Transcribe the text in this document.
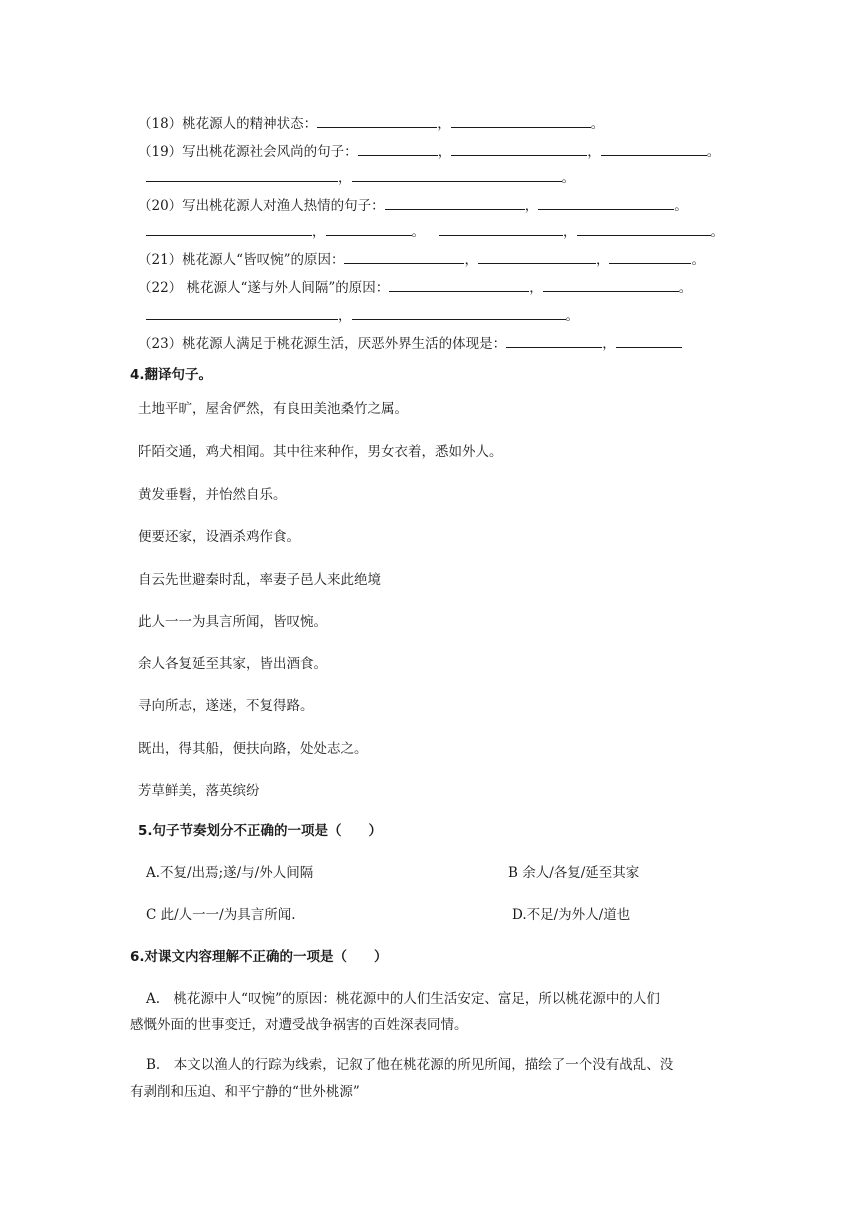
（18）桃花源人的精神状态：	，	。
（19）写出桃花源社会风尚的句子：	，	，	。
，	。
（20）写出桃花源人对渔人热情的句子：	，	。
，	。	，	。
（21）桃花源人“皆叹惋”的原因：	，	，	。
（22） 桃花源人“遂与外人间隔”的原因：	，	。
，	。
（23）桃花源人满足于桃花源生活，厌恶外界生活的体现是：	，
4.翻译句子。
土地平旷，屋舍俨然，有良田美池桑竹之属。
阡陌交通，鸡犬相闻。其中往来种作，男女衣着，悉如外人。
黄发垂髫，并怡然自乐。
便要还家，设酒杀鸡作食。
自云先世避秦时乱，率妻子邑人来此绝境
此人一一为具言所闻，皆叹惋。
余人各复延至其家，皆出酒食。
寻向所志，遂迷，不复得路。
既出，得其船，便扶向路，处处志之。
芳草鲜美，落英缤纷
5.句子节奏划分不正确的一项是（　　）
A.不复/出焉;遂/与/外人间隔	B 余人/各复/延至其家
C 此/人一一/为具言所闻.	D.不足/为外人/道也
6.对课文内容理解不正确的一项是（　　）
A.　桃花源中人“叹惋”的原因：桃花源中的人们生活安定、富足，所以桃花源中的人们
感慨外面的世事变迁，对遭受战争祸害的百姓深表同情。
B.　本文以渔人的行踪为线索，记叙了他在桃花源的所见所闻，描绘了一个没有战乱、没
有剥削和压迫、和平宁静的“世外桃源”
